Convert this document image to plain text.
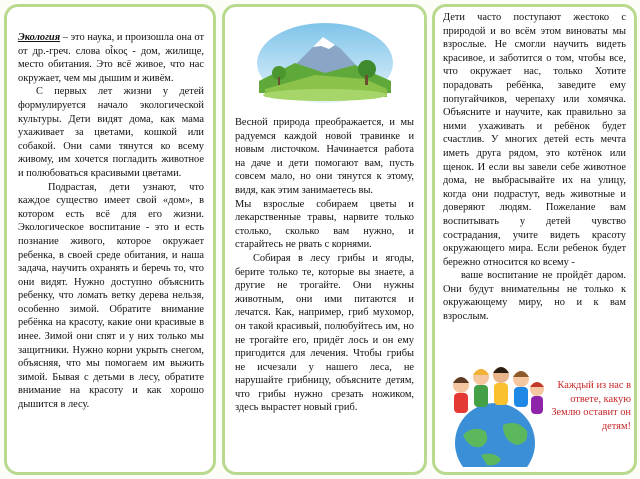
Экология – это наука, и произошла она от от др.-греч. слова oἶκος - дом, жилище, место обитания. Это всё живое, что нас окружает, чем мы дышим и живём.

С первых лет жизни у детей формулируется начало экологической культуры. Дети видят дома, как мама ухаживает за цветами, кошкой или собакой. Они сами тянутся ко всему живому, им хочется погладить животное и полюбоваться красивыми цветами.

Подрастая, дети узнают, что каждое существо имеет свой «дом», в котором есть всё для его жизни. Экологическое воспитание - это и есть познание живого, которое окружает ребенка, в своей среде обитания, и наша задача, научить охранять и беречь то, что они видят. Нужно доступно объяснить ребенку, что ломать ветку дерева нельзя, особенно зимой. Обратите внимание ребёнка на красоту, какие они красивые в инее. Зимой они спят и у них только мы защитники. Нужно корни укрыть снегом, объясняя, что мы помогаем им выжить зимой. Бывая с детьми в лесу, обратите внимание на красоту и как хорошо дышится в лесу.

Весной природа преображается, и мы радуемся каждой новой травинке и новым листочком. Начинается работа на даче и дети помогают вам, пусть совсем мало, но они тянутся к этому, видя, как этим занимаетесь вы.

Мы взрослые собираем цветы и лекарственные травы, нарвите только столько, сколько вам нужно, и старайтесь не рвать с корнями.

Собирая в лесу грибы и ягоды, берите только те, которые вы знаете, а другие не трогайте. Они нужны животным, они ими питаются и лечатся. Как, например, гриб мухомор, он такой красивый, полюбуйтесь им, но не трогайте его, придёт лось и он ему пригодится для лечения. Чтобы грибы не исчезали у нашего леса, не нарушайте грибницу, объясните детям, что грибы нужно срезать ножиком, здесь вырастет новый гриб.

Дети часто поступают жестоко с природой и во всём этом виноваты мы взрослые. Не смогли научить видеть красивое, и заботится о том, чтобы все, что окружает нас, только Хотите порадовать ребёнка, заведите ему попугайчиков, черепаху или хомячка. Объясните и научите, как правильно за ними ухаживать и ребёнок будет счастлив. У многих детей есть мечта иметь друга рядом, это котёнок или щенок. И если вы завели себе животное дома, не выбрасывайте их на улицу, когда они подрастут, ведь животные и доверяют людям. Пожелание вам воспитывать у детей чувство сострадания, учите видеть красоту окружающего мира. Если ребенок будет бережно относится ко всему -

ваше воспитание не пройдёт даром. Они будут внимательны не только к окружающему миру, но и к вам взрослым.

Каждый из нас в ответе, какую Землю оставит он детям!
